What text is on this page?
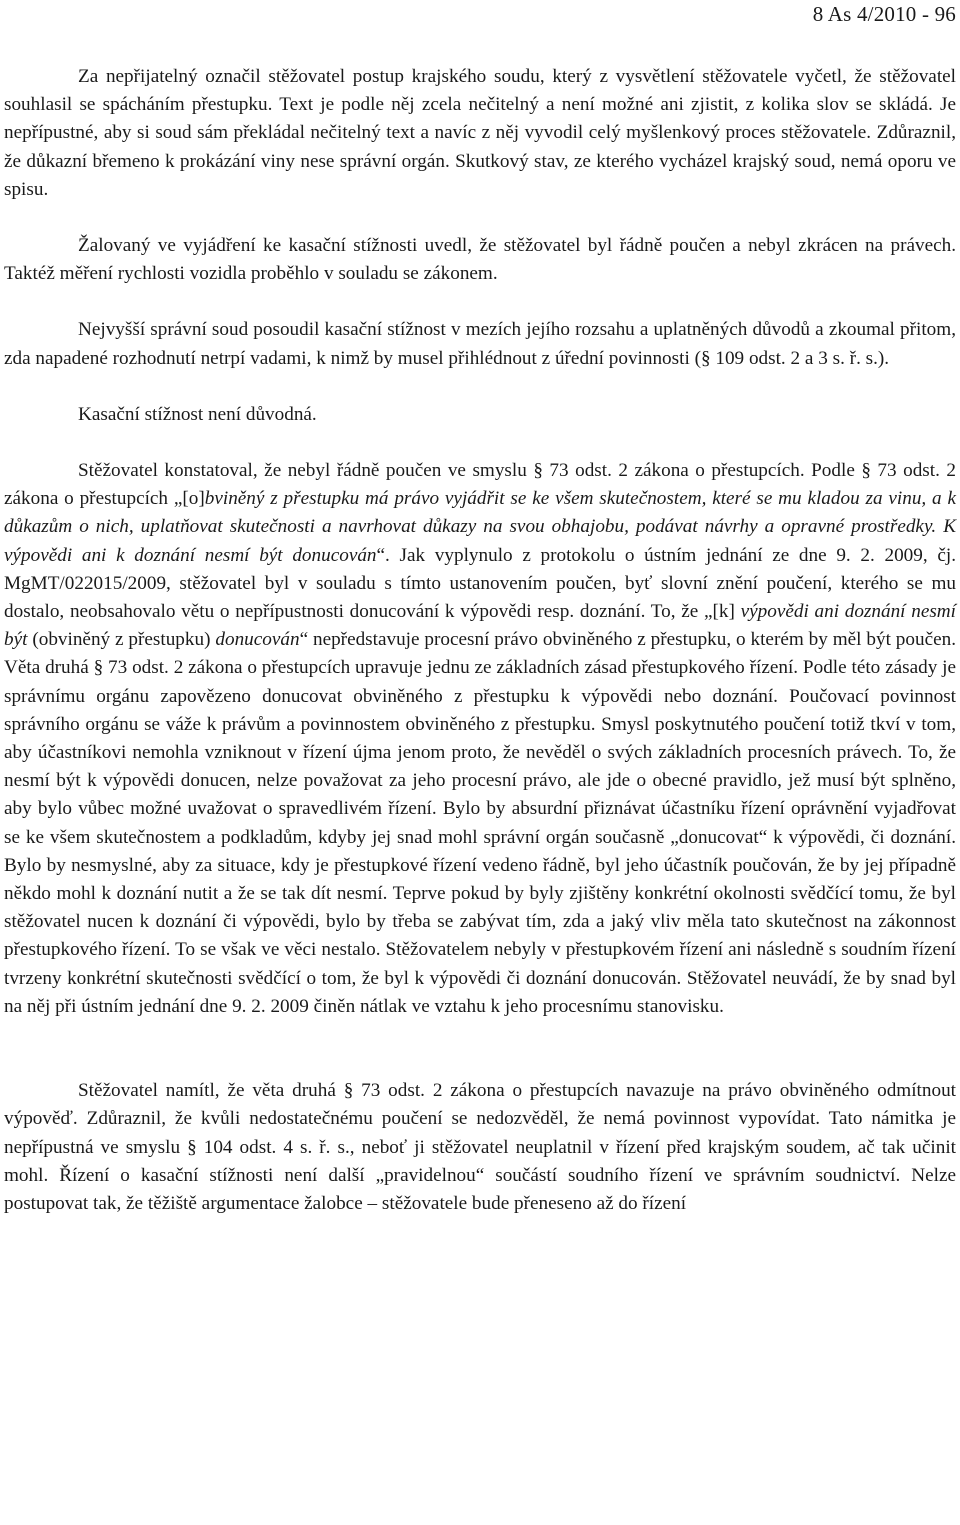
8 As 4/2010 - 96

Za nepřijatelný označil stěžovatel postup krajského soudu, který z vysvětlení stěžovatele vyčetl, že stěžovatel souhlasil se spácháním přestupku. Text je podle něj zcela nečitelný a není možné ani zjistit, z kolika slov se skládá. Je nepřípustné, aby si soud sám překládal nečitelný text a navíc z něj vyvodil celý myšlenkový proces stěžovatele. Zdůraznil, že důkazní břemeno k prokázání viny nese správní orgán. Skutkový stav, ze kterého vycházel krajský soud, nemá oporu ve spisu.

Žalovaný ve vyjádření ke kasační stížnosti uvedl, že stěžovatel byl řádně poučen a nebyl zkrácen na právech. Taktéž měření rychlosti vozidla proběhlo v souladu se zákonem.

Nejvyšší správní soud posoudil kasační stížnost v mezích jejího rozsahu a uplatněných důvodů a zkoumal přitom, zda napadené rozhodnutí netrpí vadami, k nimž by musel přihlédnout z úřední povinnosti (§ 109 odst. 2 a 3 s. ř. s.).

Kasační stížnost není důvodná.

Stěžovatel konstatoval, že nebyl řádně poučen ve smyslu § 73 odst. 2 zákona o přestupcích. Podle § 73 odst. 2 zákona o přestupcích „[o]bviněný z přestupku má právo vyjádřit se ke všem skutečnostem, které se mu kladou za vinu, a k důkazům o nich, uplatňovat skutečnosti a navrhovat důkazy na svou obhajobu, podávat návrhy a opravné prostředky. K výpovědi ani k doznání nesmí být donucován“. Jak vyplynulo z protokolu o ústním jednání ze dne 9. 2. 2009, čj. MgMT/022015/2009, stěžovatel byl v souladu s tímto ustanovením poučen, byť slovní znění poučení, kterého se mu dostalo, neobsahovalo větu o nepřípustnosti donucování k výpovědi resp. doznání. To, že „[k] výpovědi ani doznání nesmí být (obviněný z přestupku) donucován“ nepředstavuje procesní právo obviněného z přestupku, o kterém by měl být poučen. Věta druhá § 73 odst. 2 zákona o přestupcích upravuje jednu ze základních zásad přestupkového řízení. Podle této zásady je správnímu orgánu zapovězeno donucovat obviněného z přestupku k výpovědi nebo doznání. Poučovací povinnost správního orgánu se váže k právům a povinnostem obviněného z přestupku. Smysl poskytnutého poučení totiž tkví v tom, aby účastníkovi nemohla vzniknout v řízení újma jenom proto, že nevěděl o svých základních procesních právech. To, že nesmí být k výpovědi donucen, nelze považovat za jeho procesní právo, ale jde o obecné pravidlo, jež musí být splněno, aby bylo vůbec možné uvažovat o spravedlivém řízení. Bylo by absurdní přiznávat účastníku řízení oprávnění vyjadřovat se ke všem skutečnostem a podkladům, kdyby jej snad mohl správní orgán současně „donucovat“ k výpovědi, či doznání. Bylo by nesmyslné, aby za situace, kdy je přestupkové řízení vedeno řádně, byl jeho účastník poučován, že by jej případně někdo mohl k doznání nutit a že se tak dít nesmí. Teprve pokud by byly zjištěny konkrétní okolnosti svědčící tomu, že byl stěžovatel nucen k doznání či výpovědi, bylo by třeba se zabývat tím, zda a jaký vliv měla tato skutečnost na zákonnost přestupkového řízení. To se však ve věci nestalo. Stěžovatelem nebyly v přestupkovém řízení ani následně s soudním řízení tvrzeny konkrétní skutečnosti svědčící o tom, že byl k výpovědi či doznání donucován. Stěžovatel neuvádí, že by snad byl na něj při ústním jednání dne 9. 2. 2009 činěn nátlak ve vztahu k jeho procesnímu stanovisku.

Stěžovatel namítl, že věta druhá § 73 odst. 2 zákona o přestupcích navazuje na právo obviněného odmítnout výpověď. Zdůraznil, že kvůli nedostatečnému poučení se nedozvěděl, že nemá povinnost vypovídat. Tato námitka je nepřípustná ve smyslu § 104 odst. 4 s. ř. s., neboť ji stěžovatel neuplatnil v řízení před krajským soudem, ač tak učinit mohl. Řízení o kasační stížnosti není další „pravidelnou“ součástí soudního řízení ve správním soudnictví. Nelze postupovat tak, že těžiště argumentace žalobce – stěžovatele bude přeneseno až do řízení
